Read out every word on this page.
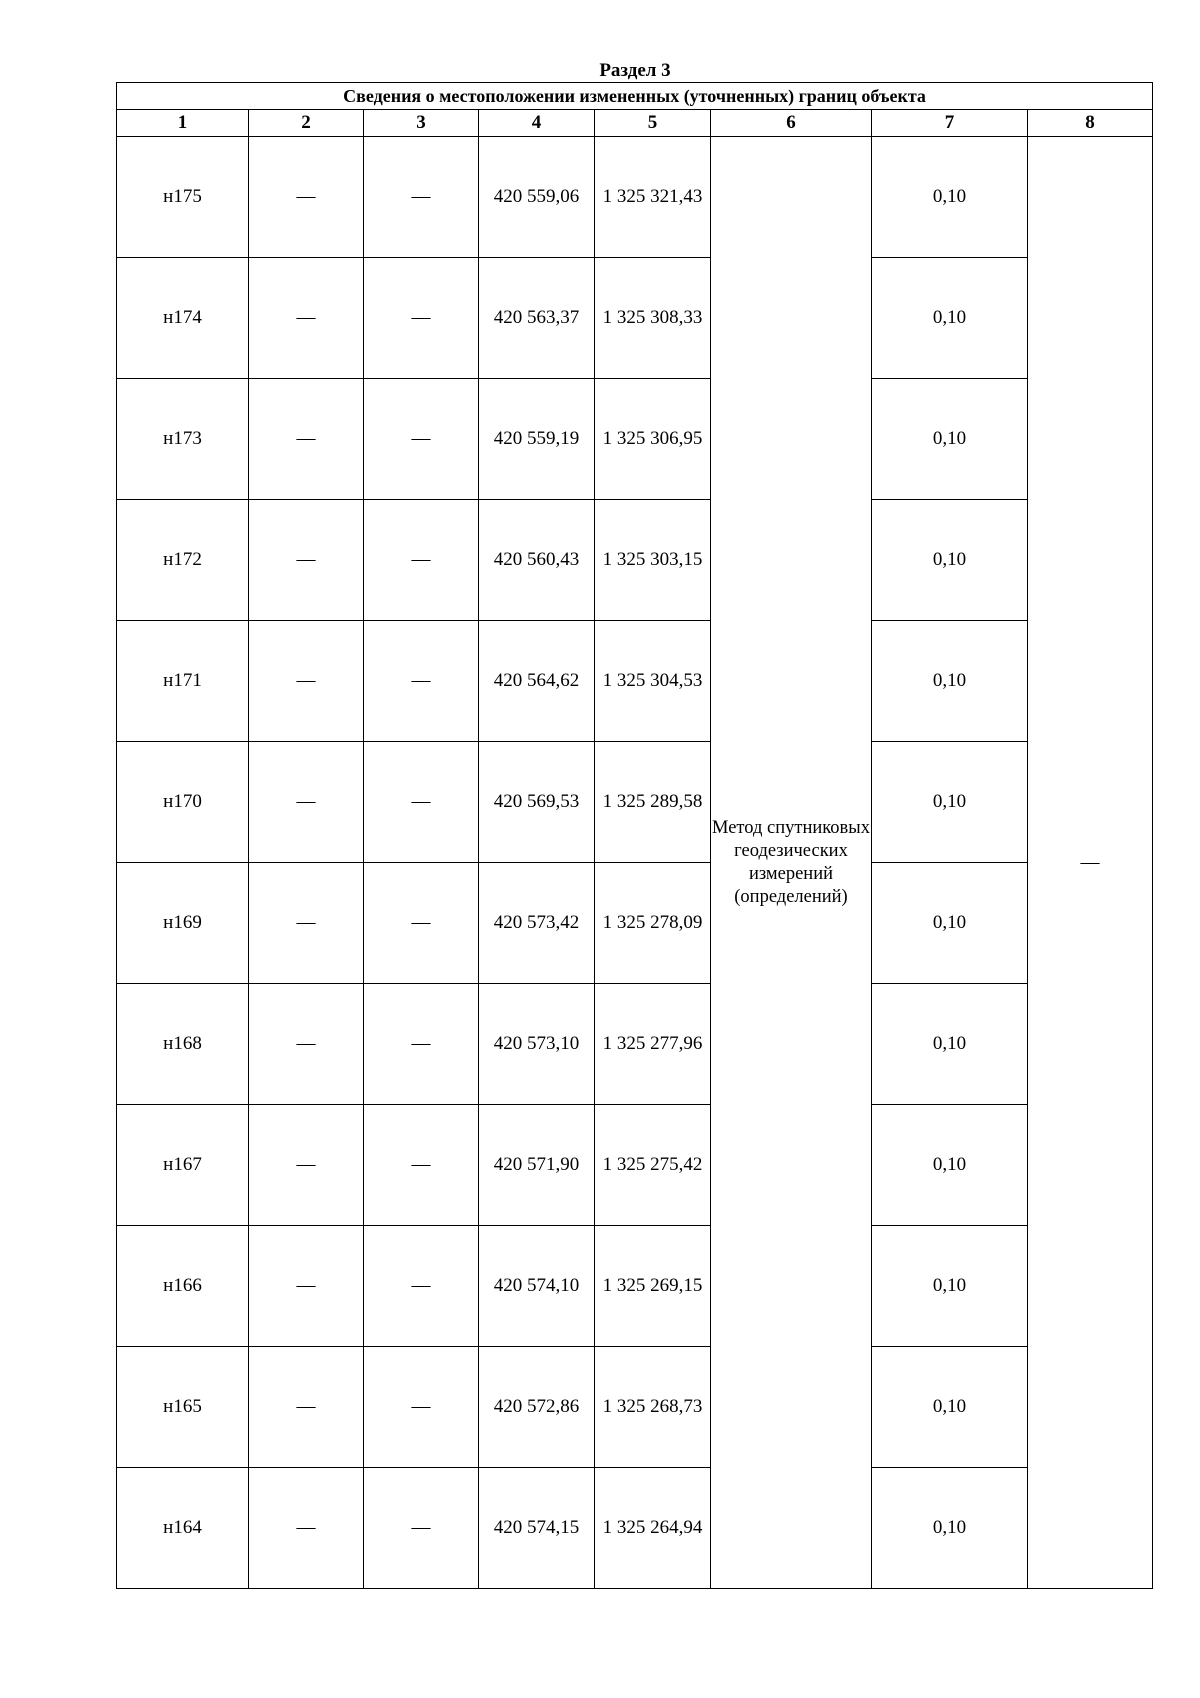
Раздел 3
Сведения о местоположении измененных (уточненных) границ объекта							
1	2	3	4	5	6	7	8
н175	—	—	420 559,06	1 325 321,43	Метод спутниковых геодезических измерений (определений)	0,10	—
н174	—	—	420 563,37	1 325 308,33		0,10	
н173	—	—	420 559,19	1 325 306,95		0,10	
н172	—	—	420 560,43	1 325 303,15		0,10	
н171	—	—	420 564,62	1 325 304,53		0,10	
н170	—	—	420 569,53	1 325 289,58		0,10	
н169	—	—	420 573,42	1 325 278,09		0,10	
н168	—	—	420 573,10	1 325 277,96		0,10	
н167	—	—	420 571,90	1 325 275,42		0,10	
н166	—	—	420 574,10	1 325 269,15		0,10	
н165	—	—	420 572,86	1 325 268,73		0,10	
н164	—	—	420 574,15	1 325 264,94		0,10	
